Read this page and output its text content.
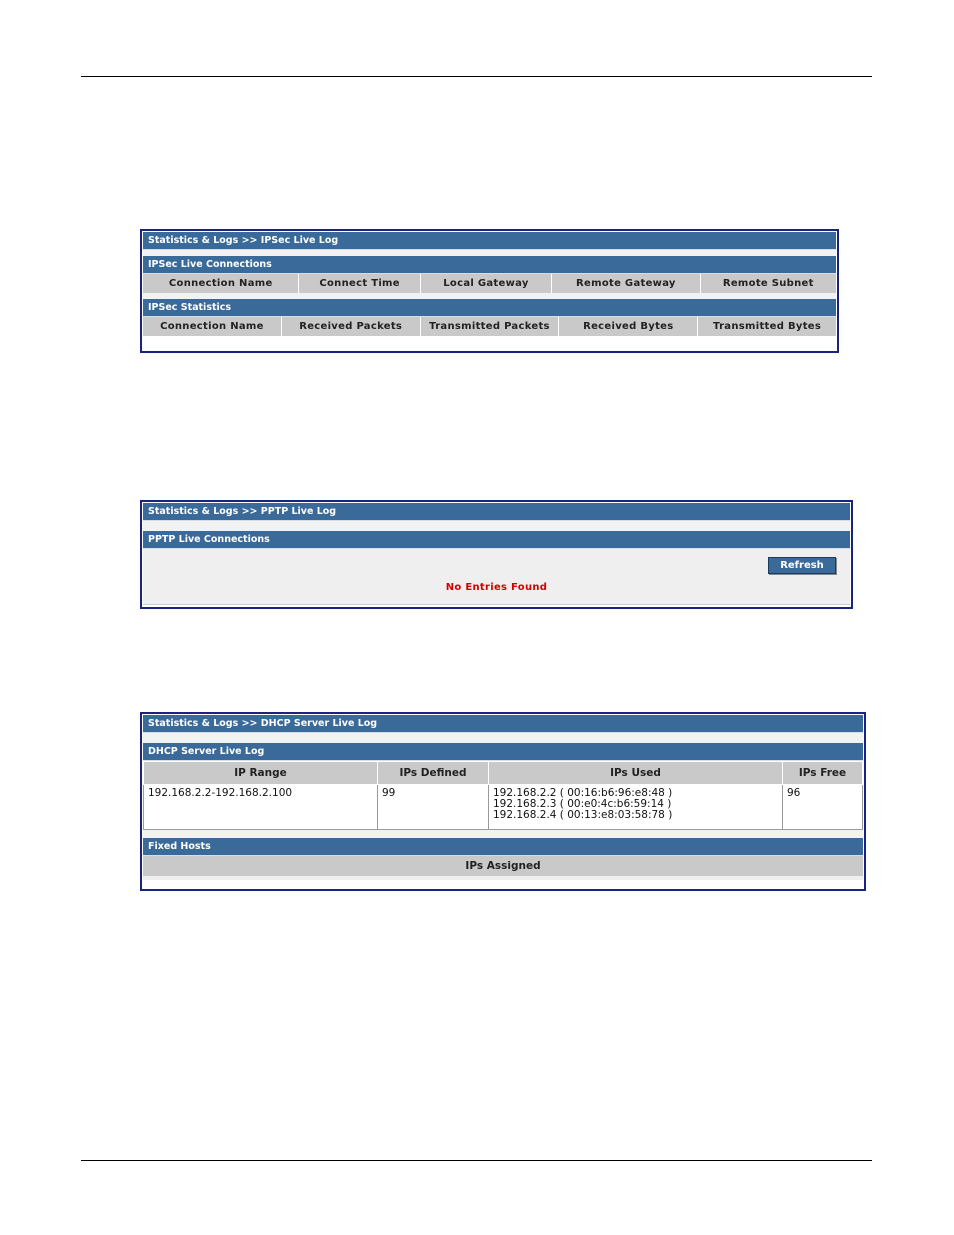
Statistics & Logs >> IPSec Live Log
IPSec Live Connections
Connection Name	Connect Time	Local Gateway	Remote Gateway	Remote Subnet
IPSec Statistics
Connection Name	Received Packets	Transmitted Packets	Received Bytes	Transmitted Bytes
Statistics & Logs >> PPTP Live Log
PPTP Live Connections
Refresh
No Entries Found
Statistics & Logs >> DHCP Server Live Log
DHCP Server Live Log
IP Range	IPs Defined	IPs Used	IPs Free
192.168.2.2-192.168.2.100	99	192.168.2.2 ( 00:16:b6:96:e8:48 )
192.168.2.3 ( 00:e0:4c:b6:59:14 )
192.168.2.4 ( 00:13:e8:03:58:78 )	96
Fixed Hosts
IPs Assigned
